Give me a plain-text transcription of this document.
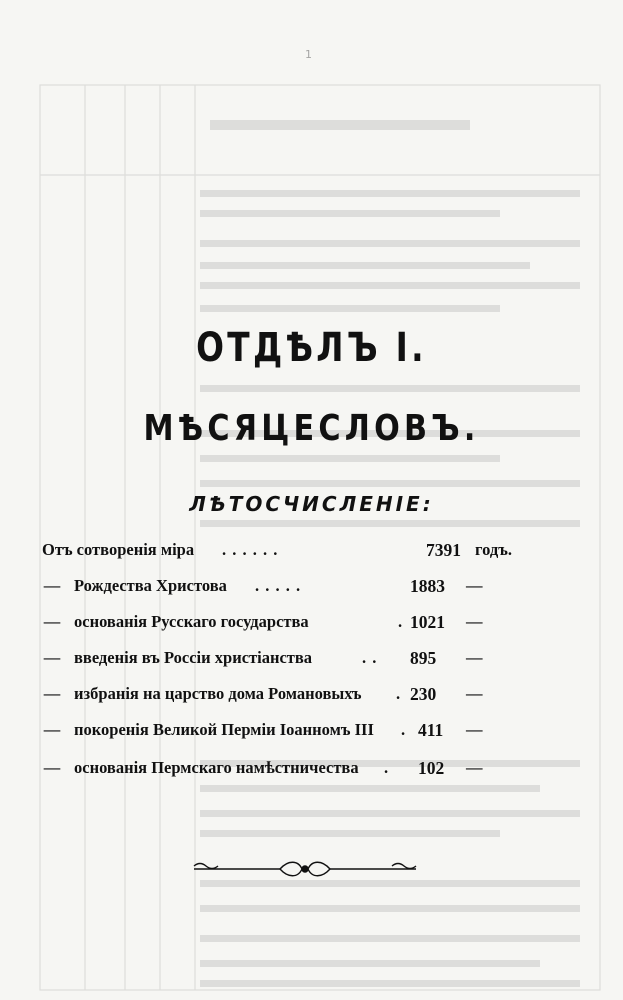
1
ОТДѢЛЪ I.
МѢСЯЦЕСЛОВЪ.
ЛѢТОСЧИСЛЕНІЕ:
Отъ сотворенія міра . . . . . .	7391 годъ.
— Рождества Христова . . . . .	1883 —
— основанія Русскаго государства	. 1021 —
— введенія въ Россіи христіанства	. . 895 —
— избранія на царство дома Романовыхъ . 230 —
— покоренія Великой Перміи Іоанномъ III . 411 —
— основанія Пермскаго намѣстничества . 102 —
